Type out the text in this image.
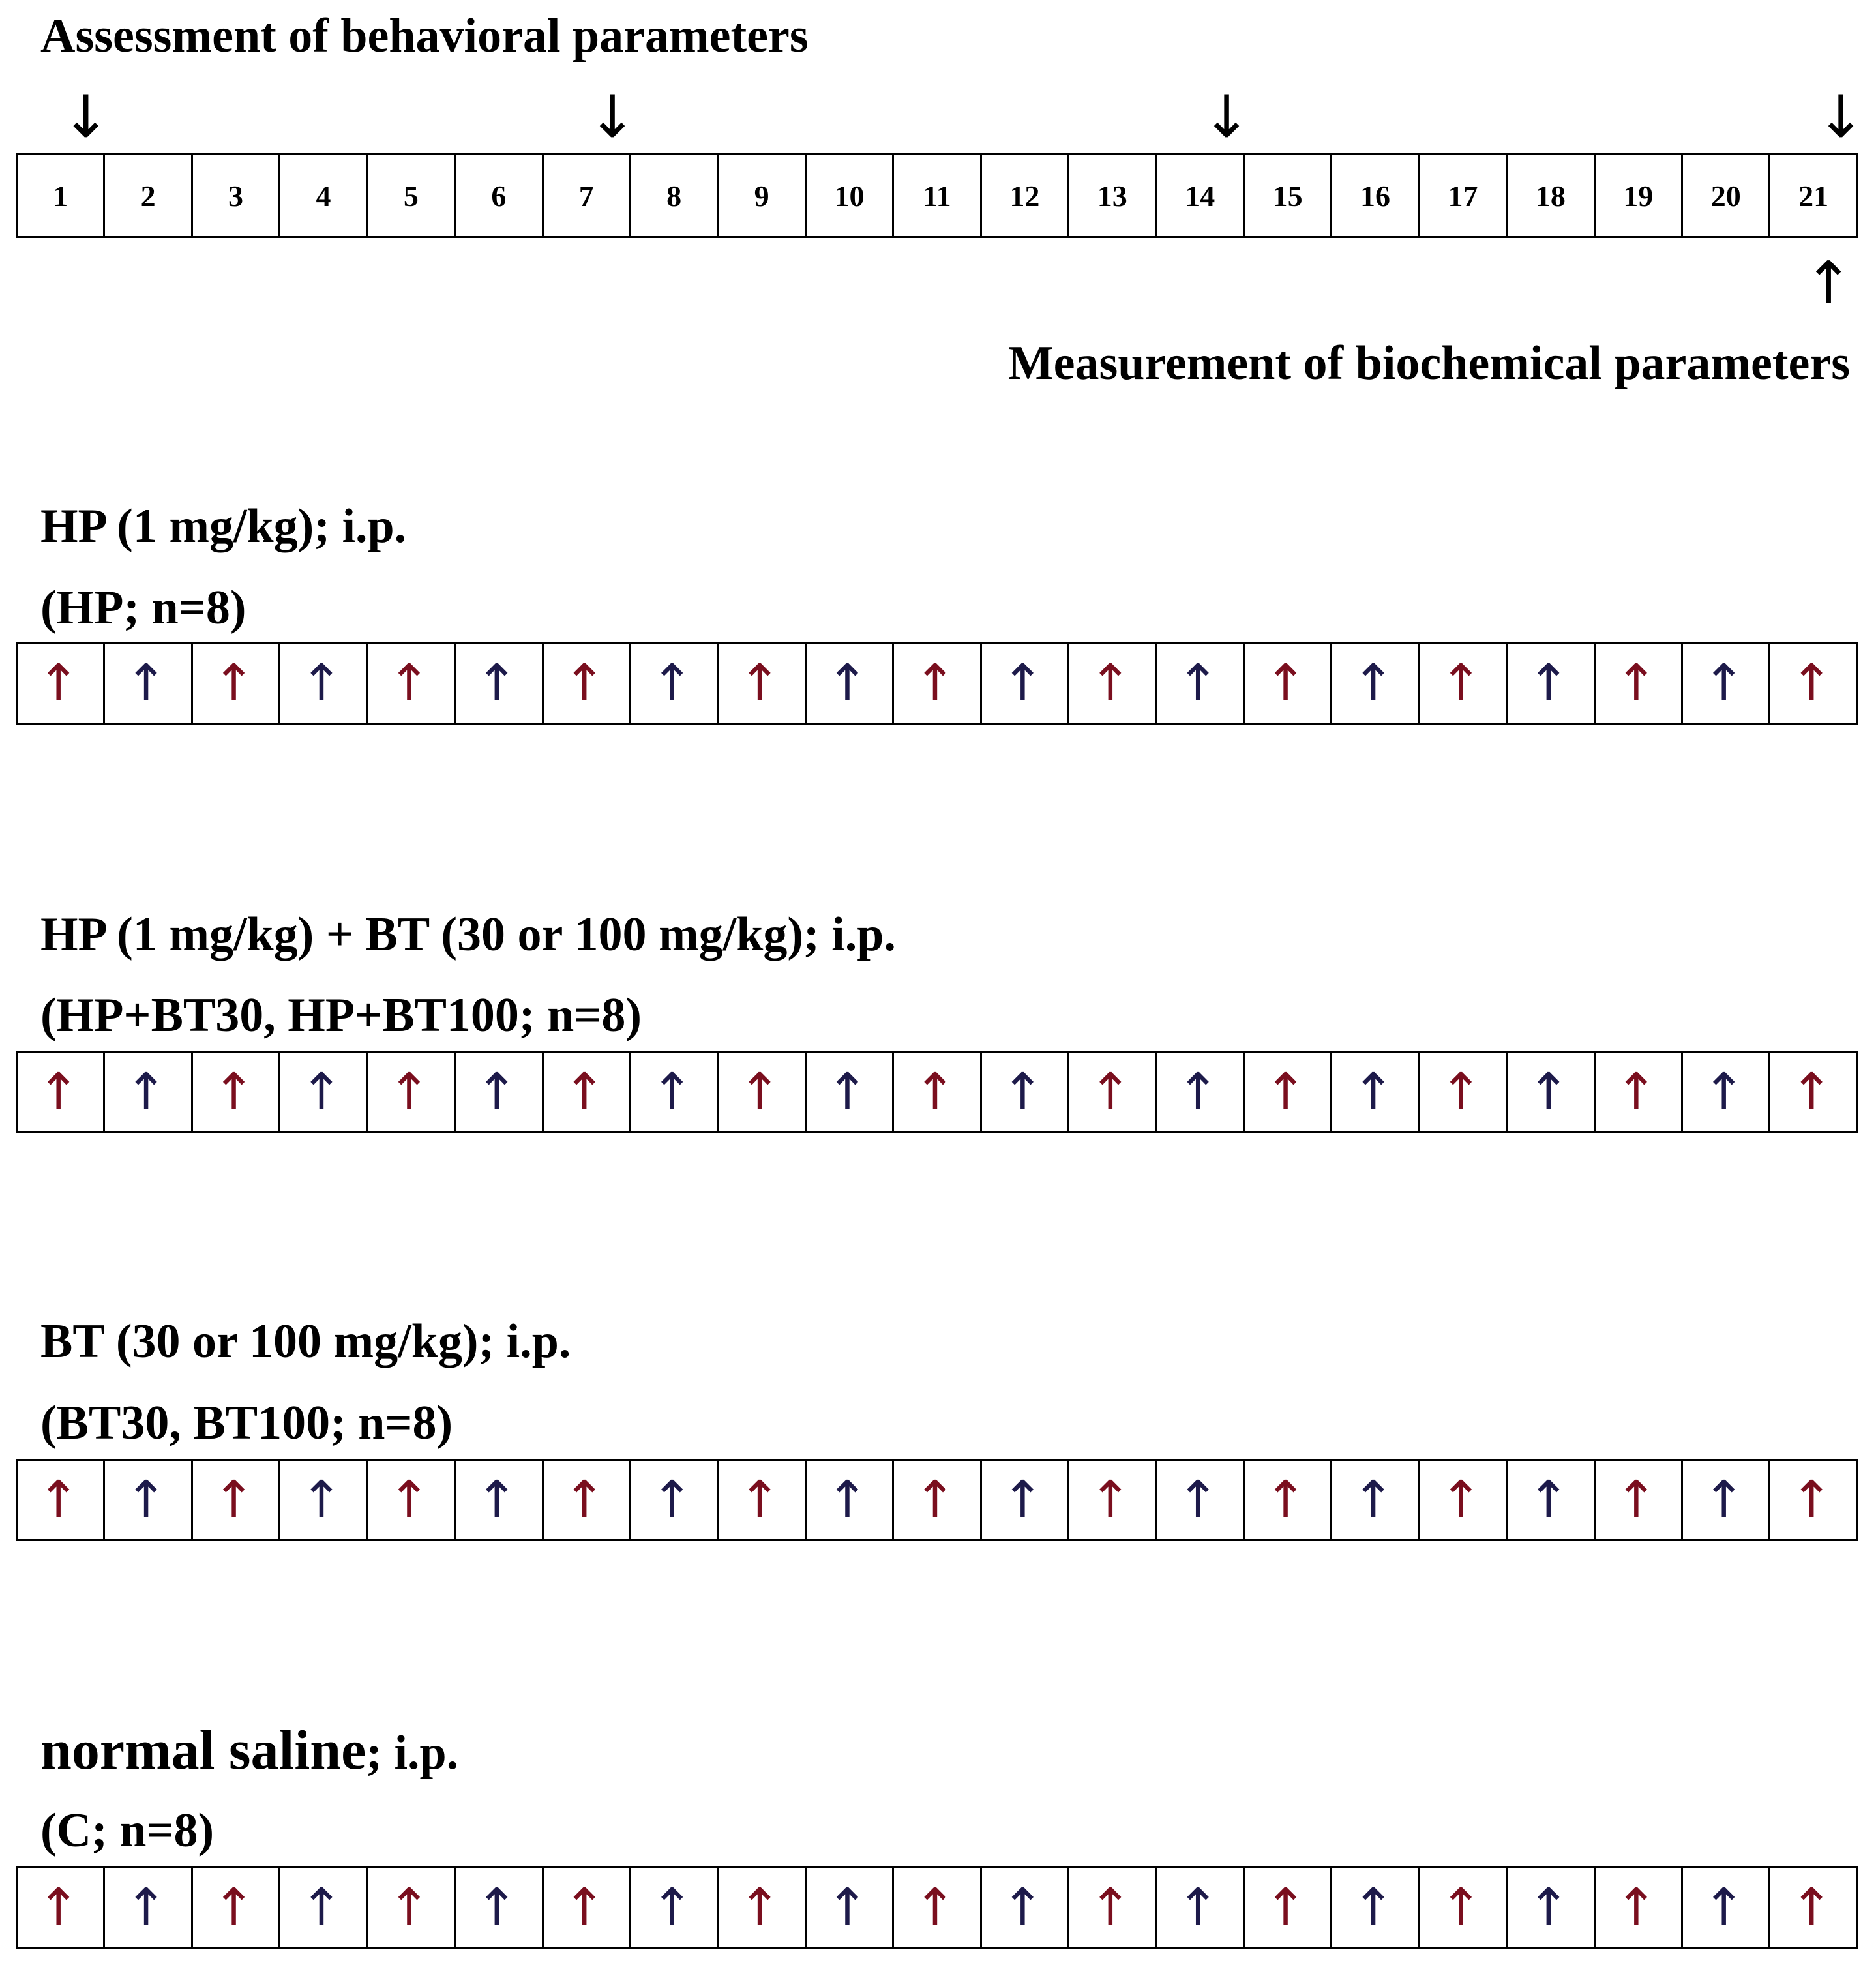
Assessment of behavioral parameters
↓	↓	↓	↓
1	2	3	4	5	6	7	8	9	10	11	12	13	14	15	16	17	18	19	20	21
↑
Measurement of biochemical parameters
HP (1 mg/kg); i.p.
(HP; n=8)
↑ ↑ ↑ ↑ ↑ ↑ ↑ ↑ ↑ ↑ ↑ ↑ ↑ ↑ ↑ ↑ ↑ ↑ ↑ ↑ ↑
HP (1 mg/kg) + BT (30 or 100 mg/kg); i.p.
(HP+BT30, HP+BT100; n=8)
↑ ↑ ↑ ↑ ↑ ↑ ↑ ↑ ↑ ↑ ↑ ↑ ↑ ↑ ↑ ↑ ↑ ↑ ↑ ↑ ↑
BT (30 or 100 mg/kg); i.p.
(BT30, BT100; n=8)
↑ ↑ ↑ ↑ ↑ ↑ ↑ ↑ ↑ ↑ ↑ ↑ ↑ ↑ ↑ ↑ ↑ ↑ ↑ ↑ ↑
normal saline; i.p.
(C; n=8)
↑ ↑ ↑ ↑ ↑ ↑ ↑ ↑ ↑ ↑ ↑ ↑ ↑ ↑ ↑ ↑ ↑ ↑ ↑ ↑ ↑
